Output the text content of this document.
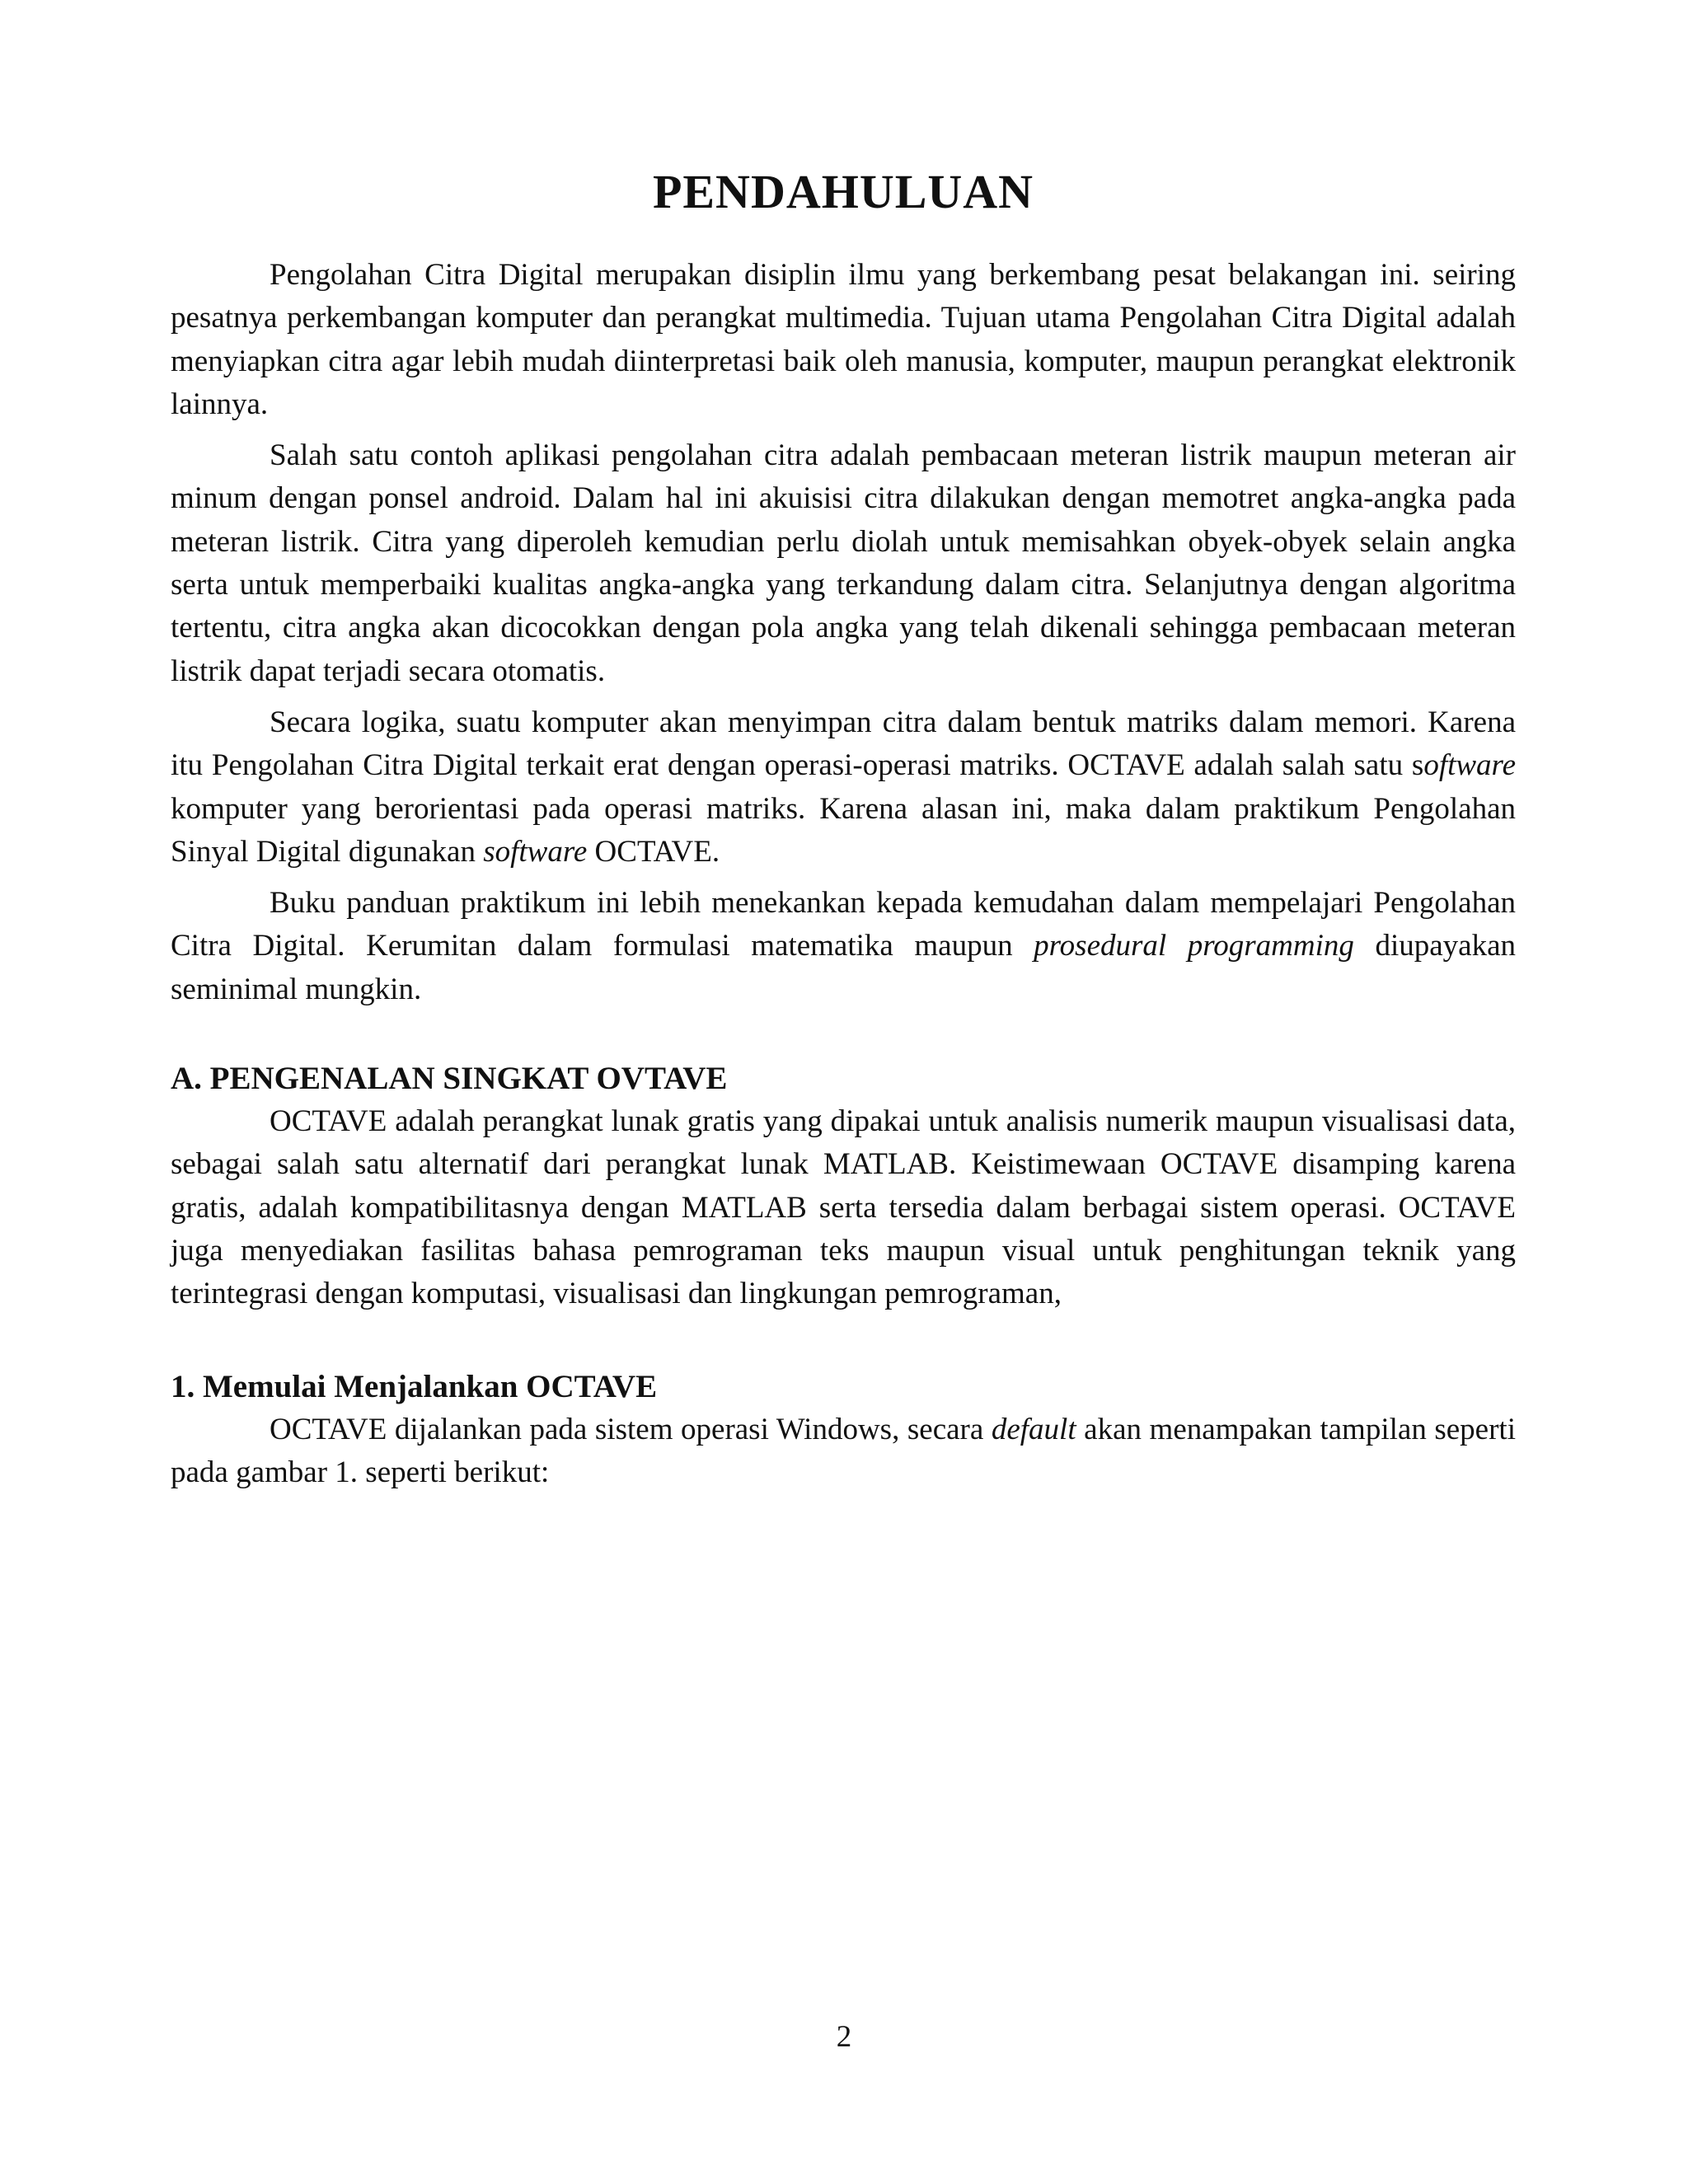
PENDAHULUAN

Pengolahan Citra Digital merupakan disiplin ilmu yang berkembang pesat belakangan ini. seiring pesatnya perkembangan komputer dan perangkat multimedia. Tujuan utama Pengolahan Citra Digital adalah menyiapkan citra agar lebih mudah diinterpretasi baik oleh manusia, komputer, maupun perangkat elektronik lainnya.

Salah satu contoh aplikasi pengolahan citra adalah pembacaan meteran listrik maupun meteran air minum dengan ponsel android. Dalam hal ini akuisisi citra dilakukan dengan memotret angka-angka pada meteran listrik. Citra yang diperoleh kemudian perlu diolah untuk memisahkan obyek-obyek selain angka serta untuk memperbaiki kualitas angka-angka yang terkandung dalam citra. Selanjutnya dengan algoritma tertentu, citra angka akan dicocokkan dengan pola angka yang telah dikenali sehingga pembacaan meteran listrik dapat terjadi secara otomatis.

Secara logika, suatu komputer akan menyimpan citra dalam bentuk matriks dalam memori. Karena itu Pengolahan Citra Digital terkait erat dengan operasi-operasi matriks. OCTAVE adalah salah satu software komputer yang berorientasi pada operasi matriks. Karena alasan ini, maka dalam praktikum Pengolahan Sinyal Digital digunakan software OCTAVE.

Buku panduan praktikum ini lebih menekankan kepada kemudahan dalam mempelajari Pengolahan Citra Digital. Kerumitan dalam formulasi matematika maupun prosedural programming diupayakan seminimal mungkin.

A. PENGENALAN SINGKAT OVTAVE

OCTAVE adalah perangkat lunak gratis yang dipakai untuk analisis numerik maupun visualisasi data, sebagai salah satu alternatif dari perangkat lunak MATLAB. Keistimewaan OCTAVE disamping karena gratis, adalah kompatibilitasnya dengan MATLAB serta tersedia dalam berbagai sistem operasi. OCTAVE juga menyediakan fasilitas bahasa pemrograman teks maupun visual untuk penghitungan teknik yang terintegrasi dengan komputasi, visualisasi dan lingkungan pemrograman,

1. Memulai Menjalankan OCTAVE

OCTAVE dijalankan pada sistem operasi Windows, secara default akan menampakan tampilan seperti pada gambar 1. seperti berikut:

2
